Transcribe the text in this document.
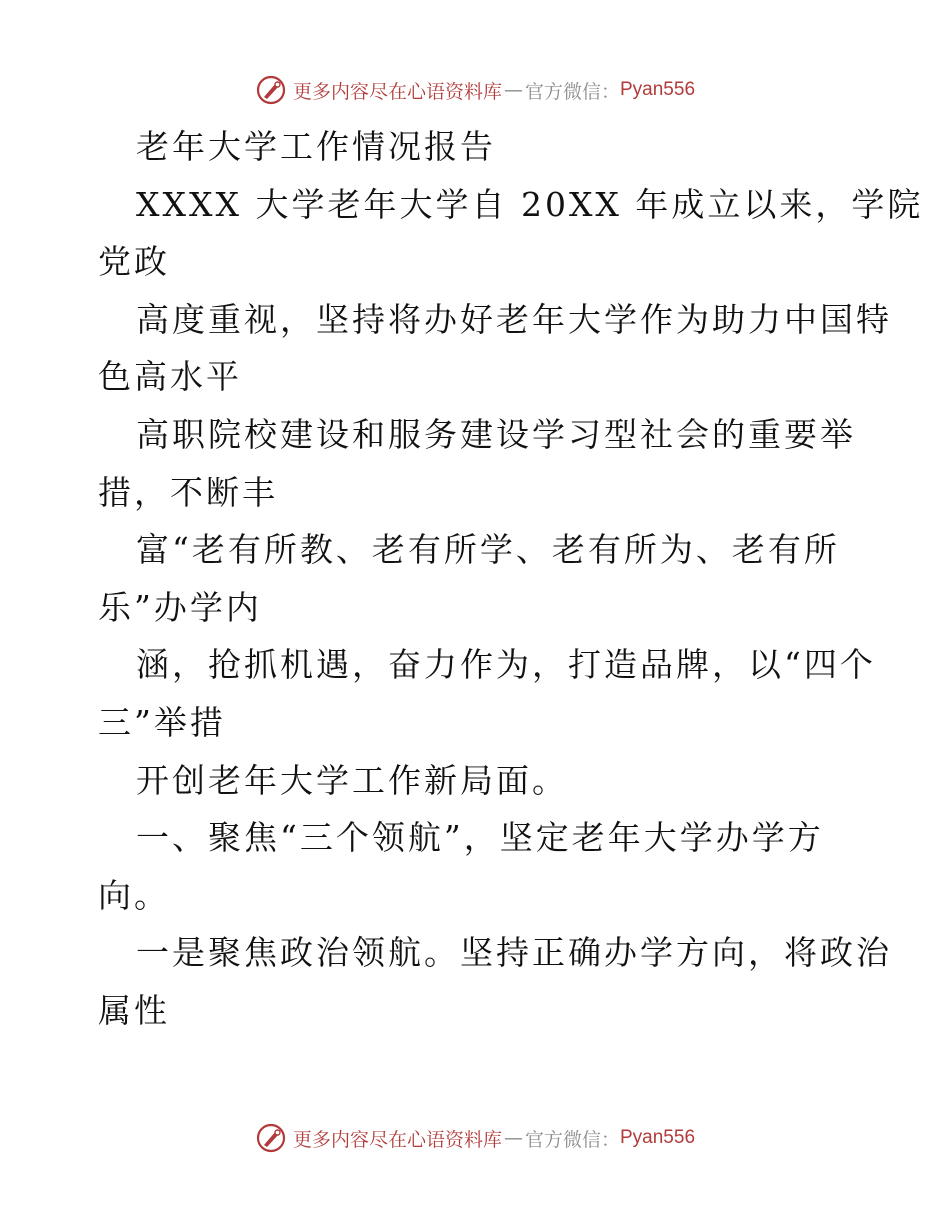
更多内容尽在心语资料库 — 官方微信： Pyan556

老年大学工作情况报告

XXXX 大学老年大学自 20XX 年成立以来，学院

党政

高度重视，坚持将办好老年大学作为助力中国特

色高水平

高职院校建设和服务建设学习型社会的重要举

措，不断丰

富“老有所教、老有所学、老有所为、老有所

乐”办学内

涵，抢抓机遇，奋力作为，打造品牌，以“四个

三”举措

开创老年大学工作新局面。

一、聚焦“三个领航”，坚定老年大学办学方

向。

一是聚焦政治领航。坚持正确办学方向，将政治

属性

更多内容尽在心语资料库 — 官方微信： Pyan556
